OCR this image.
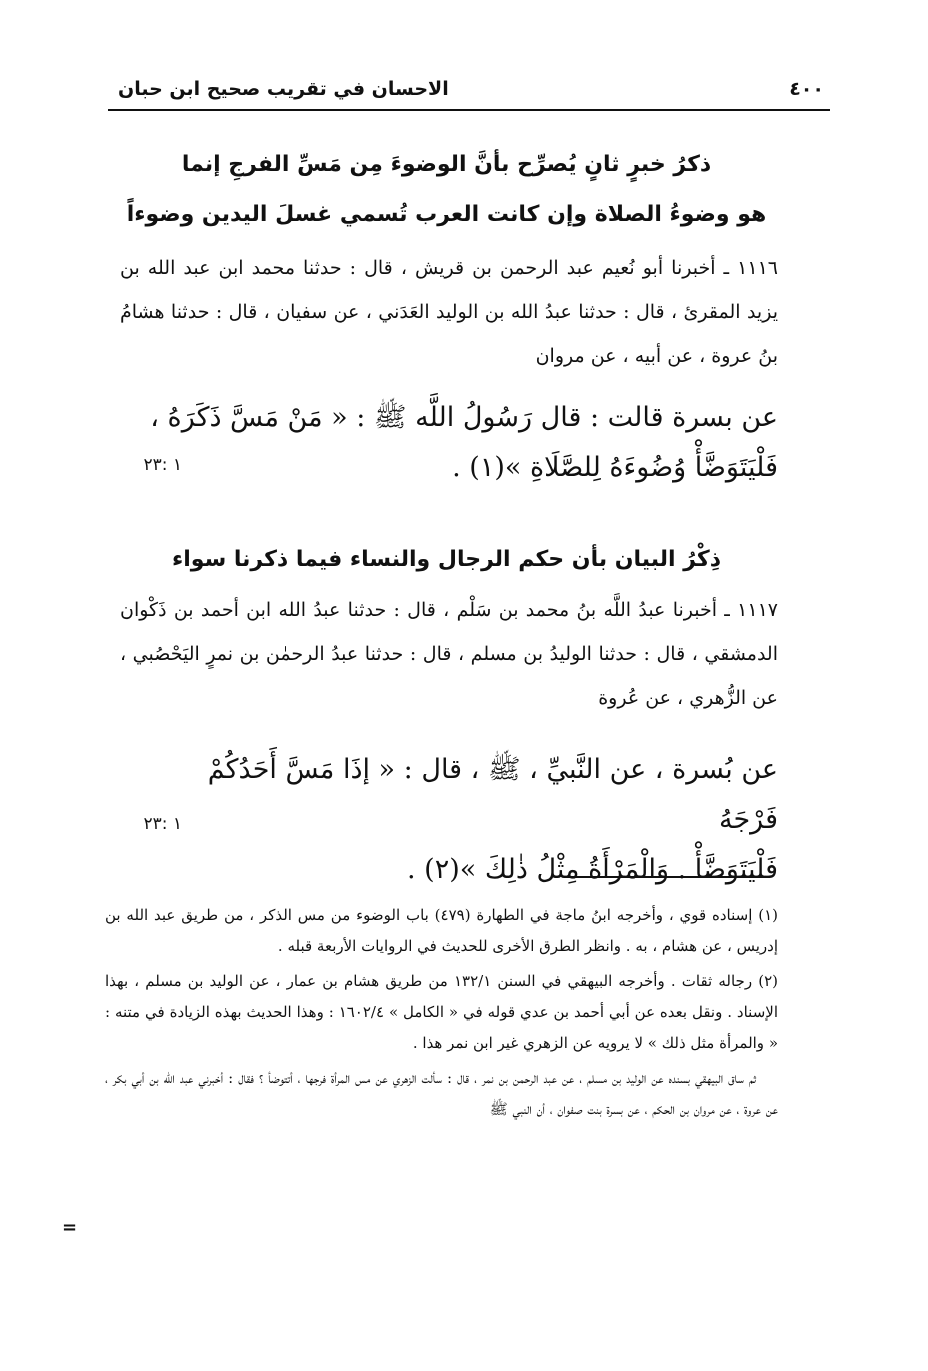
٤٠٠
الاحسان في تقريب صحيح ابن حبان
ذكرُ خبرٍ ثانٍ يُصرِّح بأنَّ الوضوءَ مِن مَسِّ الفرجِ إنما
هو وضوءُ الصلاة وإن كانت العرب تُسمي غسلَ اليدين وضوءاً
١١١٦ ـ أخبرنا أبو نُعيم عبد الرحمن بن قريش ، قال : حدثنا محمد ابن عبد الله بن يزيد المقرئ ، قال : حدثنا عبدُ الله بن الوليد العَدَني ، عن سفيان ، قال : حدثنا هشامُ بنُ عروة ، عن أبيه ، عن مروان
عن بسرة قالت : قال رَسُولُ اللَّه ﷺ : « مَنْ مَسَّ ذَكَرَهُ ،
فَلْيَتَوَضَّأْ وُضُوءَهُ لِلصَّلَاةِ »(١) .
١ :٢٣
ذِكْرُ البيان بأن حكم الرجال والنساء فيما ذكرنا سواء
١١١٧ ـ أخبرنا عبدُ اللَّه بنُ محمد بن سَلْم ، قال : حدثنا عبدُ الله ابن أحمد بن ذَكْوان الدمشقي ، قال : حدثنا الوليدُ بن مسلم ، قال : حدثنا عبدُ الرحمٰن بن نمرٍ اليَحْصُبي ، عن الزُّهري ، عن عُروة
عن بُسرة ، عن النَّبيِّ ، ﷺ ، قال : « إذَا مَسَّ أَحَدُكُمْ فَرْجَهُ
فَلْيَتَوَضَّأْ . وَالْمَرْأَةُ مِثْلُ ذٰلِكَ »(٢) .
١ :٢٣

(١) إسناده قوي ، وأخرجه ابنُ ماجة في الطهارة (٤٧٩) باب الوضوء من مس الذكر ، من طريق عبد الله بن إدريس ، عن هشام ، به . وانظر الطرق الأخرى للحديث في الروايات الأربعة قبله .

(٢) رجاله ثقات . وأخرجه البيهقي في السنن ١٣٢/١ من طريق هشام بن عمار ، عن الوليد بن مسلم ، بهذا الإسناد . ونقل بعده عن أبي أحمد بن عدي قوله في « الكامل » ١٦٠٢/٤ : وهذا الحديث بهذه الزيادة في متنه : « والمرأة مثل ذلك » لا يرويه عن الزهري غير ابن نمر هذا .

ثم ساق البيهقي بسنده عن الوليد بن مسلم ، عن عبد الرحمن بن نمر ، قال : سألت الزهري عن مس المرأة فرجها ، أتتوضأ ؟ فقال : أخبرني عبد الله بن أبي بكر ، عن عروة ، عن مروان بن الحكم ، عن بسرة بنت صفوان ، أن النبي ﷺ

=
